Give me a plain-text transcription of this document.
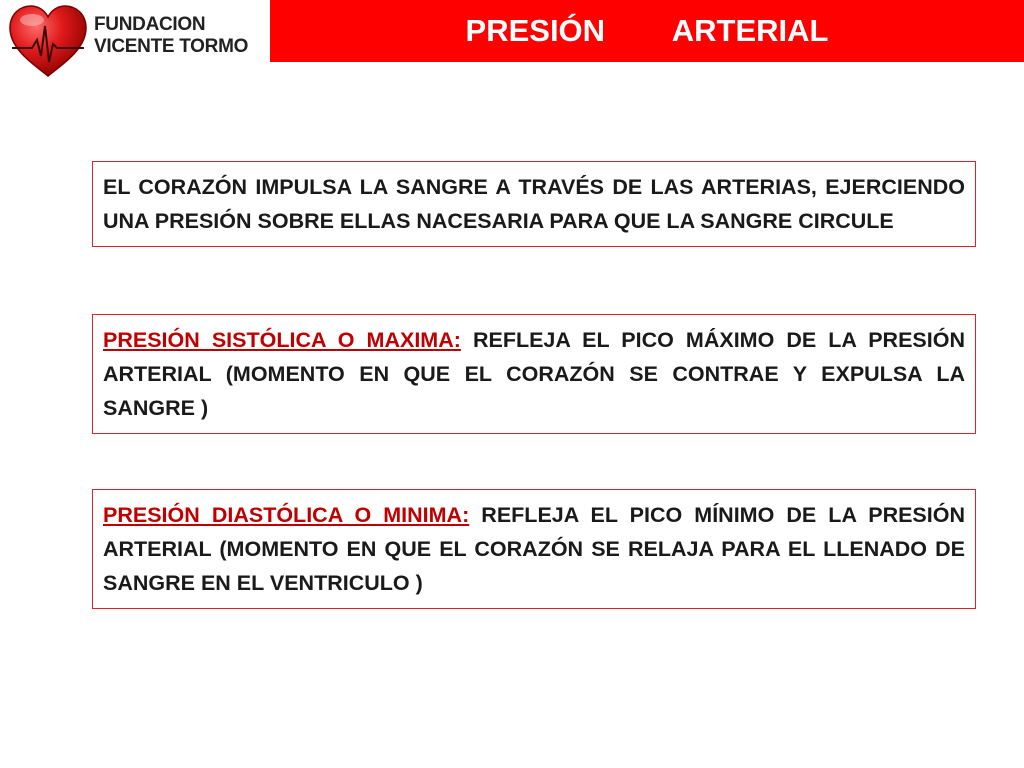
FUNDACION
VICENTE TORMO	PRESIÓN   ARTERIAL
EL CORAZÓN IMPULSA LA SANGRE A TRAVÉS DE LAS ARTERIAS, EJERCIENDO UNA PRESIÓN SOBRE ELLAS NACESARIA PARA QUE LA SANGRE CIRCULE
PRESIÓN SISTÓLICA O MAXIMA: REFLEJA EL PICO MÁXIMO DE LA PRESIÓN ARTERIAL (MOMENTO EN QUE EL CORAZÓN SE CONTRAE Y EXPULSA LA SANGRE )
PRESIÓN DIASTÓLICA O MINIMA: REFLEJA EL PICO MÍNIMO DE LA PRESIÓN ARTERIAL (MOMENTO EN QUE EL CORAZÓN SE RELAJA PARA EL LLENADO DE SANGRE EN EL VENTRICULO )
